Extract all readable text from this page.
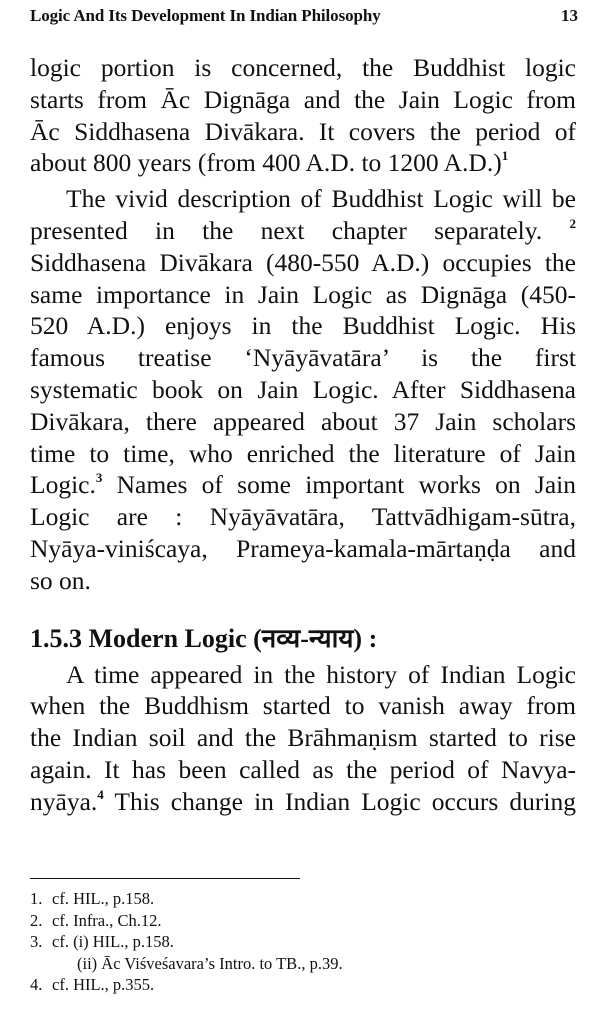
Logic And Its Development In Indian Philosophy	13
logic portion is concerned, the Buddhist logic
starts from Āc Dignāga and the Jain Logic from
Āc Siddhasena Divākara. It covers the period of
about 800 years (from 400 A.D. to 1200 A.D.)$^1$
The vivid description of Buddhist Logic will be
presented in the next chapter separately. $^2$
Siddhasena Divākara (480-550 A.D.) occupies the
same importance in Jain Logic as Dignāga (450-
520 A.D.) enjoys in the Buddhist Logic. His
famous treatise ‘Nyāyāvatāra’ is the first
systematic book on Jain Logic. After Siddhasena
Divākara, there appeared about 37 Jain scholars
time to time, who enriched the literature of Jain
Logic.$^3$ Names of some important works on Jain
Logic are : Nyāyāvatāra, Tattvādhigam-sūtra,
Nyāya-viniścaya, Prameya-kamala-mārtaṇḍa and
so on.
1.5.3 Modern Logic (नव्य-न्याय) :
A time appeared in the history of Indian Logic
when the Buddhism started to vanish away from
the Indian soil and the Brāhmaṇism started to rise
again. It has been called as the period of Navya-
nyāya.$^4$ This change in Indian Logic occurs during
1. cf. HIL., p.158.
2. cf. Infra., Ch.12.
3. cf. (i) HIL., p.158.
(ii) Āc Viśveśavara’s Intro. to TB., p.39.
4. cf. HIL., p.355.
